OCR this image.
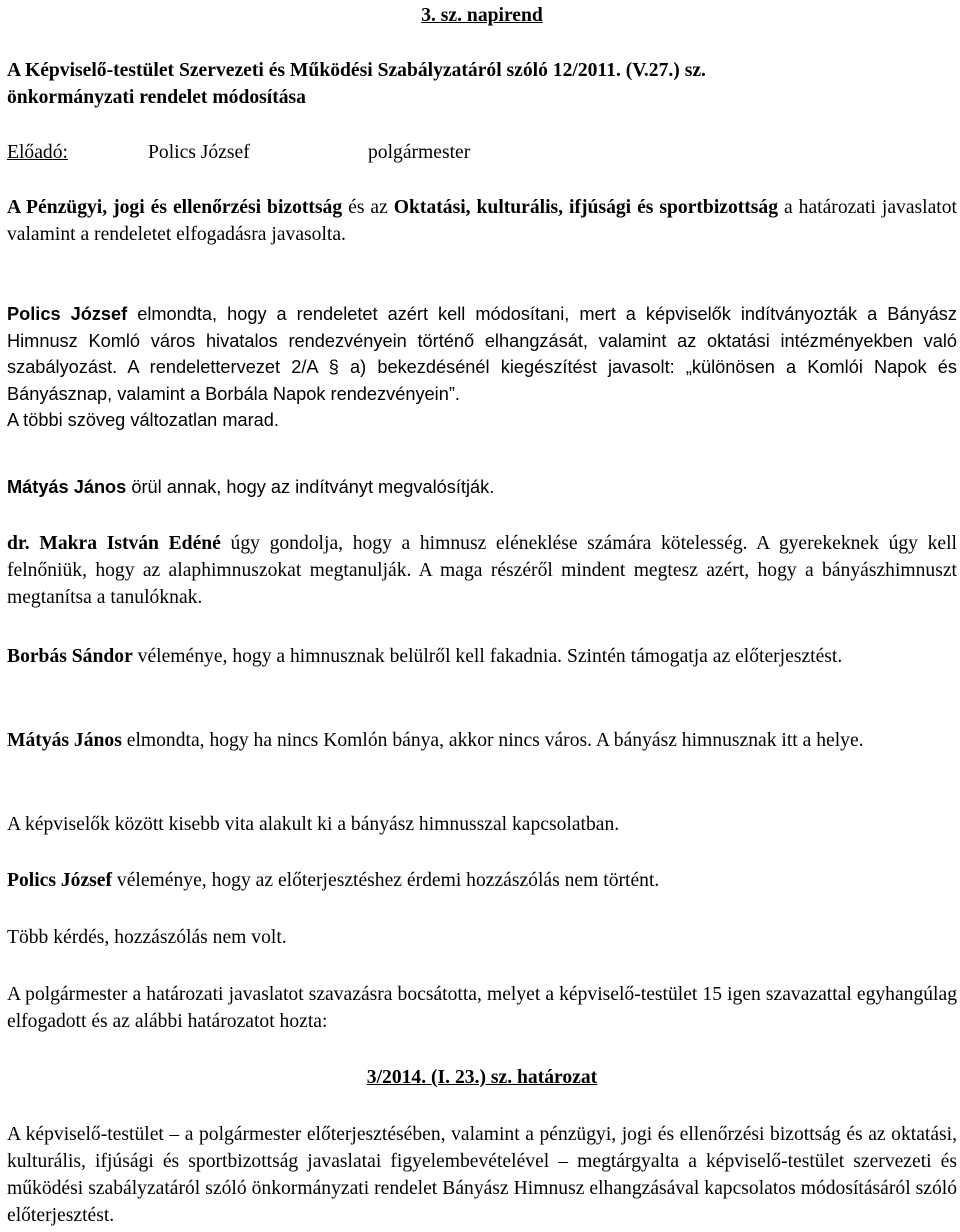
3. sz. napirend

A Képviselő-testület Szervezeti és Működési Szabályzatáról szóló 12/2011. (V.27.) sz.

önkormányzati rendelet módosítása

Előadó:	Polics József	polgármester

A Pénzügyi, jogi és ellenőrzési bizottság és az Oktatási, kulturális, ifjúsági és sportbizottság a határozati javaslatot valamint a rendeletet elfogadásra javasolta.

Polics József elmondta, hogy a rendeletet azért kell módosítani, mert a képviselők indítványozták a Bányász Himnusz Komló város hivatalos rendezvényein történő elhangzását, valamint az oktatási intézményekben való szabályozást. A rendelettervezet 2/A § a) bekezdésénél kiegészítést javasolt: „különösen a Komlói Napok és Bányásznap, valamint a Borbála Napok rendezvényein”.

A többi szöveg változatlan marad.

Mátyás János örül annak, hogy az indítványt megvalósítják.

dr. Makra István Edéné úgy gondolja, hogy a himnusz eléneklése számára kötelesség. A gyerekeknek úgy kell felnőniük, hogy az alaphimnuszokat megtanulják. A maga részéről mindent megtesz azért, hogy a bányászhimnuszt megtanítsa a tanulóknak.

Borbás Sándor véleménye, hogy a himnusznak belülről kell fakadnia. Szintén támogatja az előterjesztést.

Mátyás János elmondta, hogy ha nincs Komlón bánya, akkor nincs város. A bányász himnusznak itt a helye.

A képviselők között kisebb vita alakult ki a bányász himnusszal kapcsolatban.

Polics József véleménye, hogy az előterjesztéshez érdemi hozzászólás nem történt.

Több kérdés, hozzászólás nem volt.

A polgármester a határozati javaslatot szavazásra bocsátotta, melyet a képviselő-testület 15 igen szavazattal egyhangúlag elfogadott és az alábbi határozatot hozta:

3/2014. (I. 23.) sz. határozat

A képviselő-testület – a polgármester előterjesztésében, valamint a pénzügyi, jogi és ellenőrzési bizottság és az oktatási, kulturális, ifjúsági és sportbizottság javaslatai figyelembevételével – megtárgyalta a képviselő-testület szervezeti és működési szabályzatáról szóló önkormányzati rendelet Bányász Himnusz elhangzásával kapcsolatos módosításáról szóló előterjesztést.
